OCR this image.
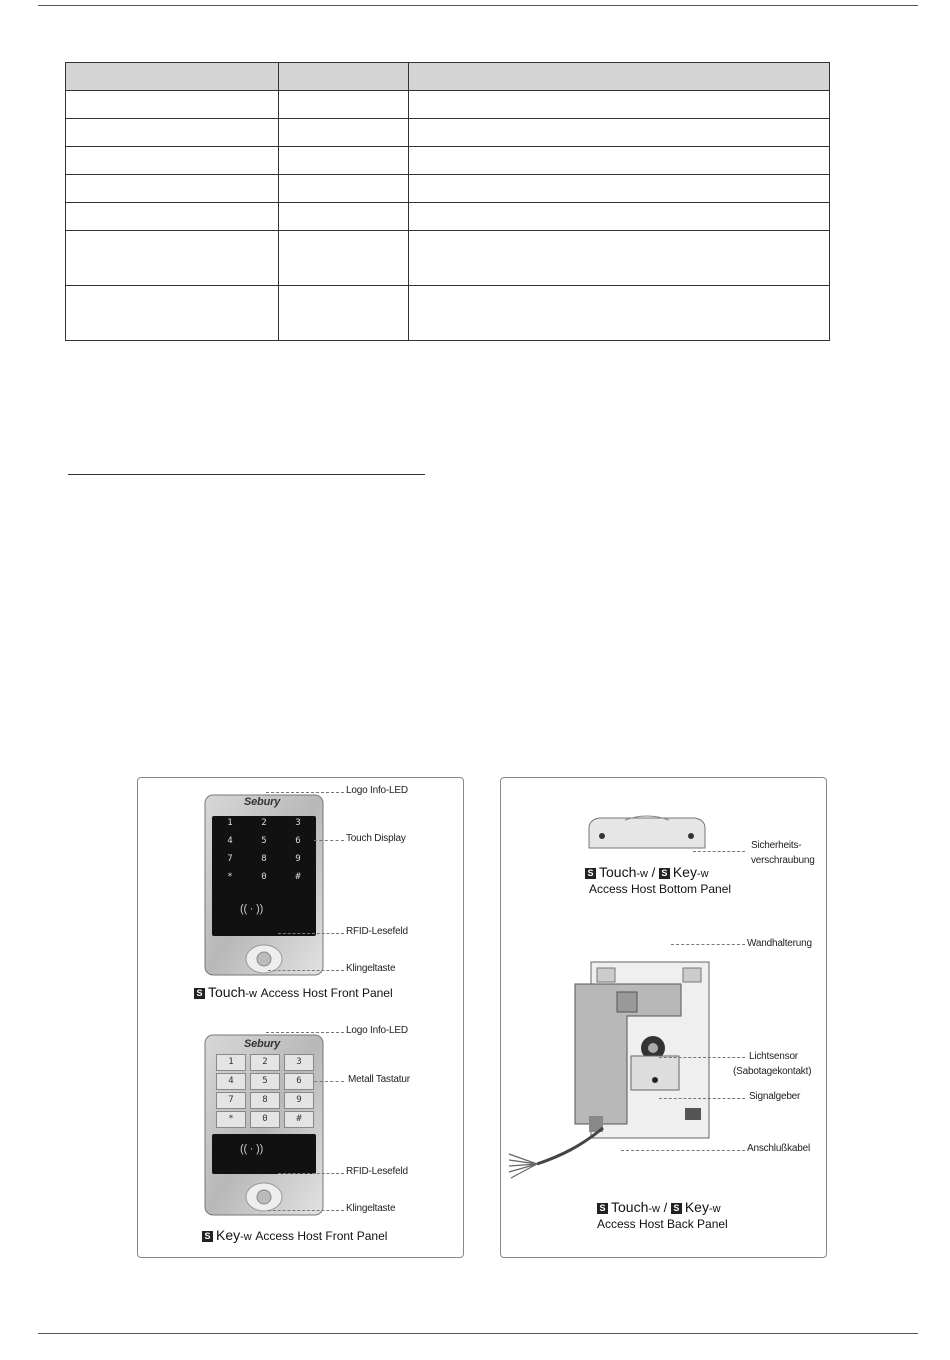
Sebury
1	2	3
4	5	6
7	8	9
*	0	#
(( · ))
Logo Info-LED
Touch Display
RFID-Lesefeld
Klingeltaste
S Touch-w Access Host Front Panel
Sebury
1	2	3
4	5	6
7	8	9
*	0	#
(( · ))
Logo Info-LED
Metall Tastatur
RFID-Lesefeld
Klingeltaste
S Key-w Access Host Front Panel
Sicherheits-
verschraubung
S Touch-w / S Key-w
Access Host Bottom Panel
Wandhalterung
Lichtsensor
(Sabotagekontakt)
Signalgeber
Anschlußkabel
S Touch-w / S Key-w
Access Host Back Panel
